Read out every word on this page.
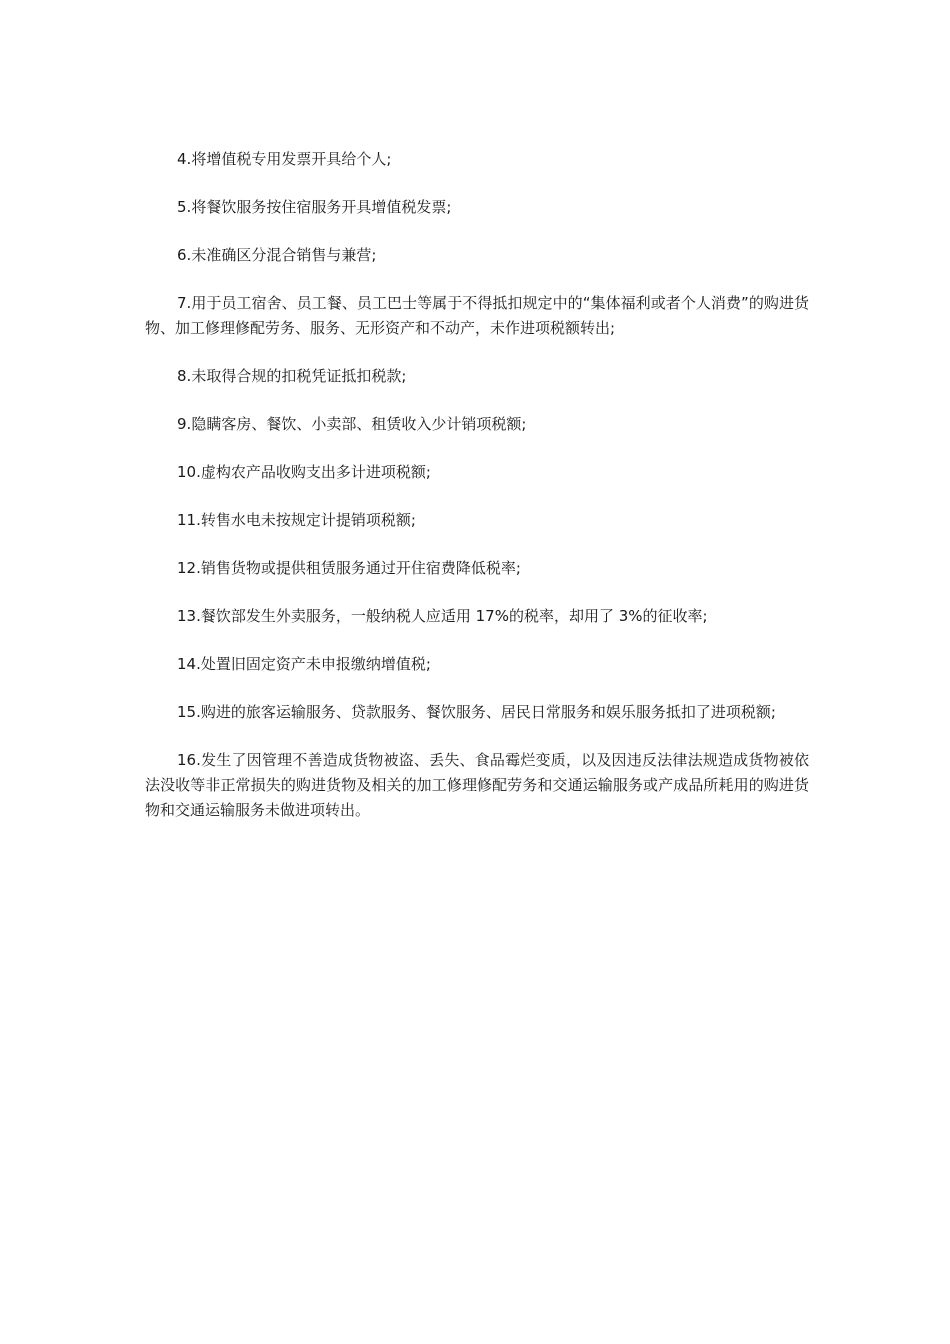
4.将增值税专用发票开具给个人;

5.将餐饮服务按住宿服务开具增值税发票;

6.未准确区分混合销售与兼营;

7.用于员工宿舍、员工餐、员工巴士等属于不得抵扣规定中的“集体福利或者个人消费”的购进货物、加工修理修配劳务、服务、无形资产和不动产，未作进项税额转出;

8.未取得合规的扣税凭证抵扣税款;

9.隐瞒客房、餐饮、小卖部、租赁收入少计销项税额;

10.虚构农产品收购支出多计进项税额;

11.转售水电未按规定计提销项税额;

12.销售货物或提供租赁服务通过开住宿费降低税率;

13.餐饮部发生外卖服务，一般纳税人应适用 17%的税率，却用了 3%的征收率;

14.处置旧固定资产未申报缴纳增值税;

15.购进的旅客运输服务、贷款服务、餐饮服务、居民日常服务和娱乐服务抵扣了进项税额;

16.发生了因管理不善造成货物被盗、丢失、食品霉烂变质，以及因违反法律法规造成货物被依法没收等非正常损失的购进货物及相关的加工修理修配劳务和交通运输服务或产成品所耗用的购进货物和交通运输服务未做进项转出。
